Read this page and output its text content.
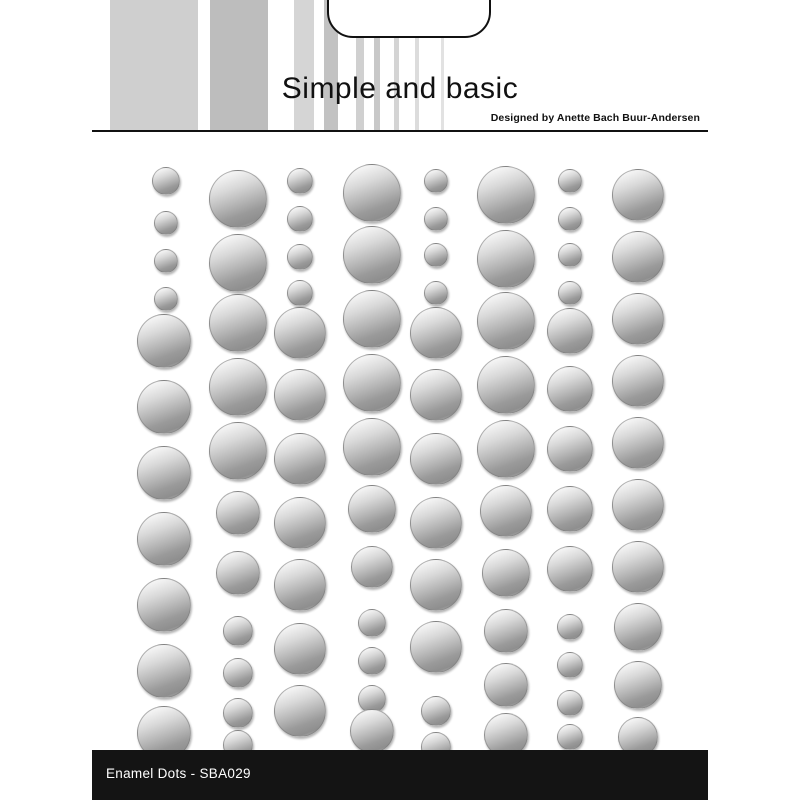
Simple and basic
Designed by Anette Bach Buur-Andersen
Enamel Dots - SBA029
